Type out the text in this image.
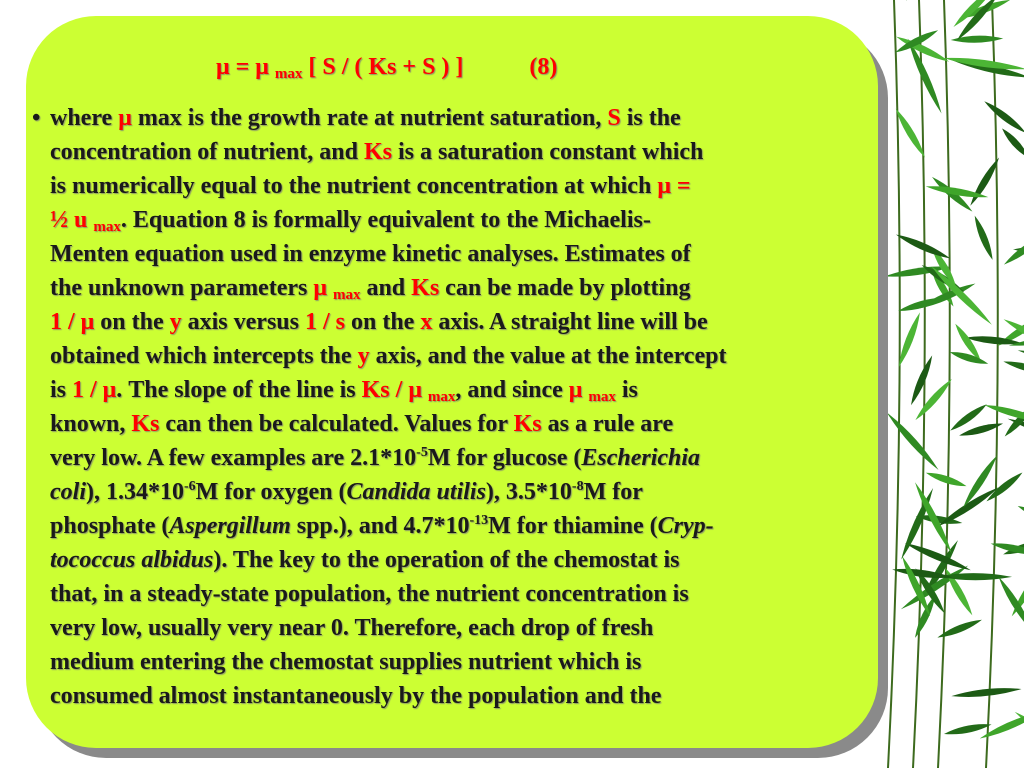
μ = μ $_{max}$ [ S / ( Ks + S ) ]	(8)
• where μ max is the growth rate at nutrient saturation, S is the
concentration of nutrient, and Ks is a saturation constant which
is numerically equal to the nutrient concentration at which μ =
½ u $_{max}$. Equation 8 is formally equivalent to the Michaelis-
Menten equation used in enzyme kinetic analyses. Estimates of
the unknown parameters μ $_{max}$ and Ks can be made by plotting
1 / μ on the y axis versus 1 / s on the x axis. A straight line will be
obtained which intercepts the y axis, and the value at the intercept
is 1 / μ. The slope of the line is Ks / μ $_{max}$, and since μ $_{max}$ is
known, Ks can then be calculated. Values for Ks as a rule are
very low. A few examples are $2.1*10^{-5}M$ for glucose (Escherichia
coli), $1.34*10^{-6}M$ for oxygen (Candida utilis), $3.5*10^{-8}M$ for
phosphate (Aspergillum spp.), and $4.7*10^{-13}M$ for thiamine (Cryp-
tococcus albidus). The key to the operation of the chemostat is
that, in a steady-state population, the nutrient concentration is
very low, usually very near 0. Therefore, each drop of fresh
medium entering the chemostat supplies nutrient which is
consumed almost instantaneously by the population and the
